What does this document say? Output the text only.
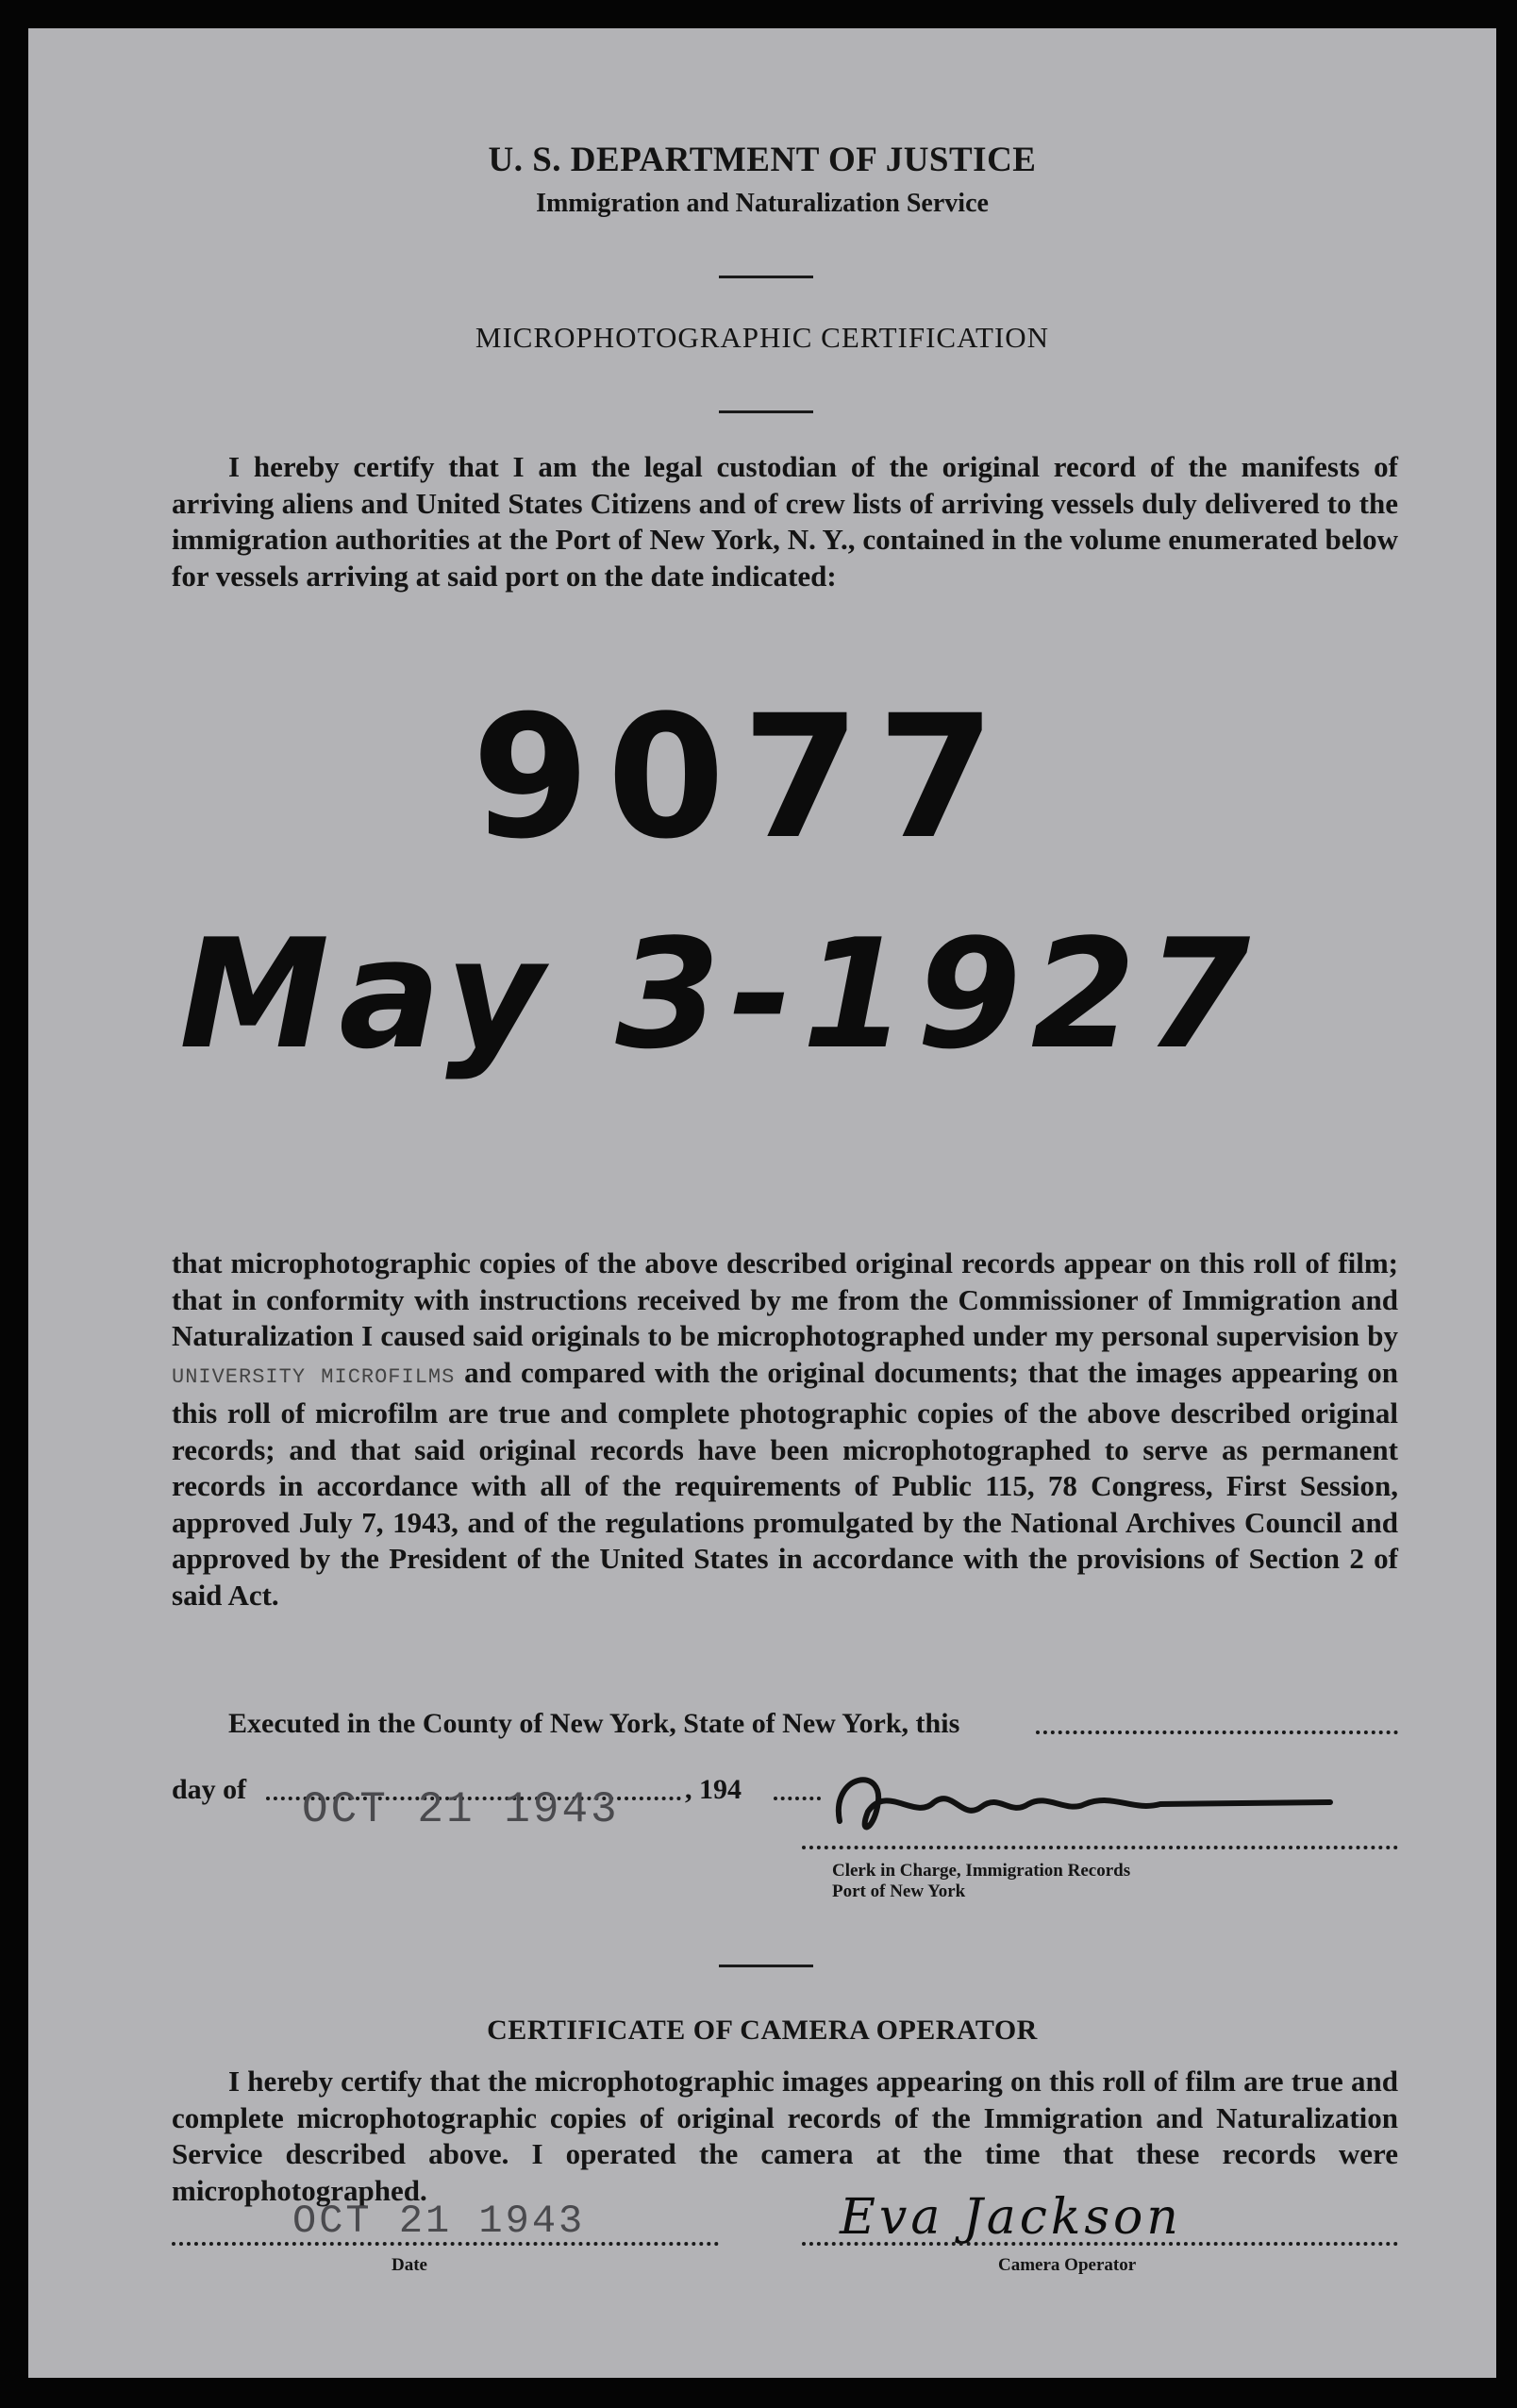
U. S. DEPARTMENT OF JUSTICE
Immigration and Naturalization Service
MICROPHOTOGRAPHIC CERTIFICATION

I hereby certify that I am the legal custodian of the original record of the manifests of arriving aliens and United States Citizens and of crew lists of arriving vessels duly delivered to the immigration authorities at the Port of New York, N. Y., contained in the volume enumerated below for vessels arriving at said port on the date indicated:

9077
May 3-1927

that microphotographic copies of the above described original records appear on this roll of film; that in conformity with instructions received by me from the Commissioner of Immigration and Naturalization I caused said originals to be microphotographed under my personal supervision by UNIVERSITY MICROFILMS and compared with the original documents; that the images appearing on this roll of microfilm are true and complete photographic copies of the above described original records; and that said original records have been microphotographed to serve as permanent records in accordance with all of the requirements of Public 115, 78 Congress, First Session, approved July 7, 1943, and of the regulations promulgated by the National Archives Council and approved by the President of the United States in accordance with the provisions of Section 2 of said Act.

Executed in the County of New York, State of New York, this
day of	, 194
OCT 21 1943
Clerk in Charge, Immigration Records
Port of New York
CERTIFICATE OF CAMERA OPERATOR

I hereby certify that the microphotographic images appearing on this roll of film are true and complete microphotographic copies of original records of the Immigration and Naturalization Service described above. I operated the camera at the time that these records were microphotographed.

OCT 21 1943
Date
Eva Jackson
Camera Operator
